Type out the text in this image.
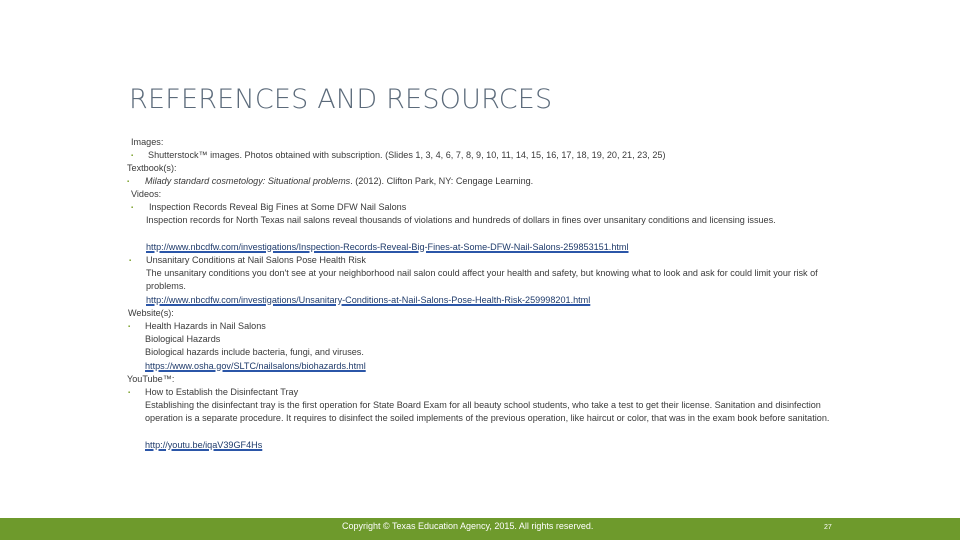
REFERENCES AND RESOURCES
Images:
▪ Shutterstock™ images. Photos obtained with subscription. (Slides 1, 3, 4, 6, 7, 8, 9, 10, 11, 14, 15, 16, 17, 18, 19, 20, 21, 23, 25)
Textbook(s):
▪ Milady standard cosmetology: Situational problems. (2012). Clifton Park, NY: Cengage Learning.
Videos:
▪ Inspection Records Reveal Big Fines at Some DFW Nail Salons
Inspection records for North Texas nail salons reveal thousands of violations and hundreds of dollars in fines over unsanitary conditions and licensing issues.
http://www.nbcdfw.com/investigations/Inspection-Records-Reveal-Big-Fines-at-Some-DFW-Nail-Salons-259853151.html
▪ Unsanitary Conditions at Nail Salons Pose Health Risk
The unsanitary conditions you don't see at your neighborhood nail salon could affect your health and safety, but knowing what to look and ask for could limit your risk of problems.
http://www.nbcdfw.com/investigations/Unsanitary-Conditions-at-Nail-Salons-Pose-Health-Risk-259998201.html
Website(s):
▪ Health Hazards in Nail Salons
Biological Hazards
Biological hazards include bacteria, fungi, and viruses.
https://www.osha.gov/SLTC/nailsalons/biohazards.html
YouTube™:
▪ How to Establish the Disinfectant Tray
Establishing the disinfectant tray is the first operation for State Board Exam for all beauty school students, who take a test to get their license. Sanitation and disinfection operation is a separate procedure. It requires to disinfect the soiled implements of the previous operation, like haircut or color, that was in the exam book before sanitation.
http://youtu.be/iqaV39GF4Hs
Copyright © Texas Education Agency, 2015. All rights reserved.	27
